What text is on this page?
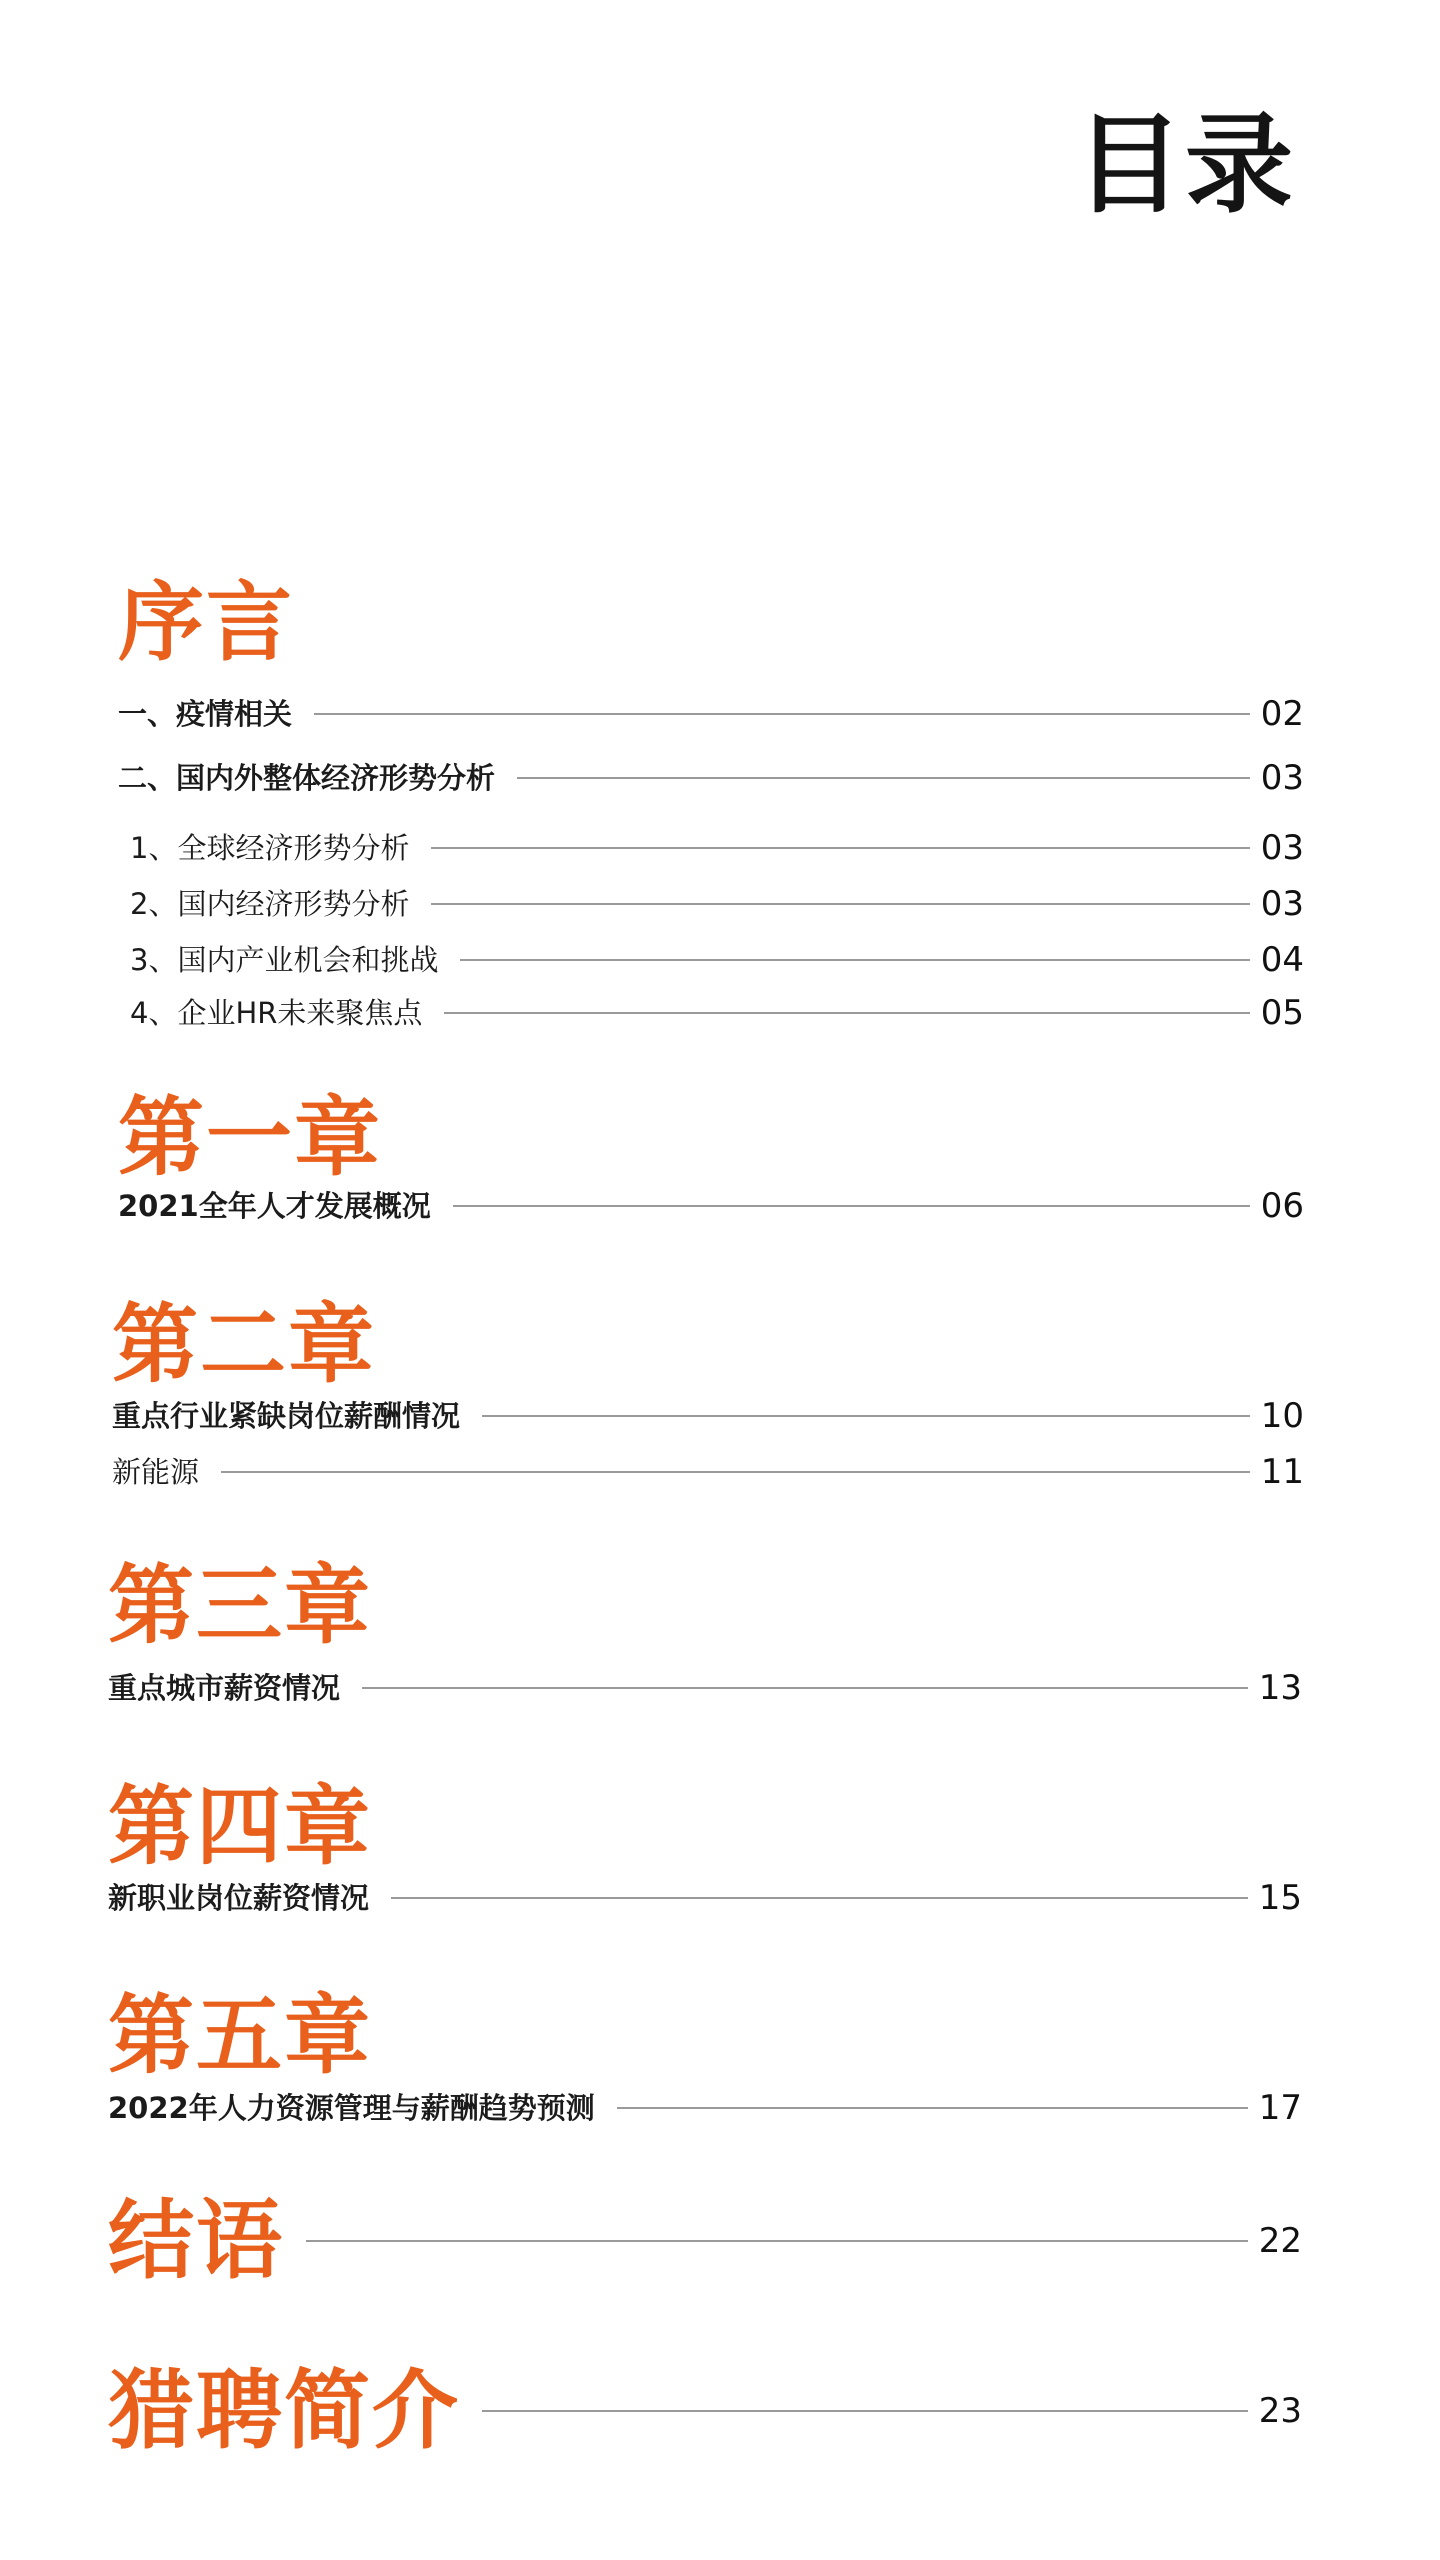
目录
序言
一、疫情相关	02
二、国内外整体经济形势分析	03
1、全球经济形势分析	03
2、国内经济形势分析	03
3、国内产业机会和挑战	04
4、企业HR未来聚焦点	05
第一章
2021全年人才发展概况	06
第二章
重点行业紧缺岗位薪酬情况	10
新能源	11
第三章
重点城市薪资情况	13
第四章
新职业岗位薪资情况	15
第五章
2022年人力资源管理与薪酬趋势预测	17
结语	22
猎聘简介	23
